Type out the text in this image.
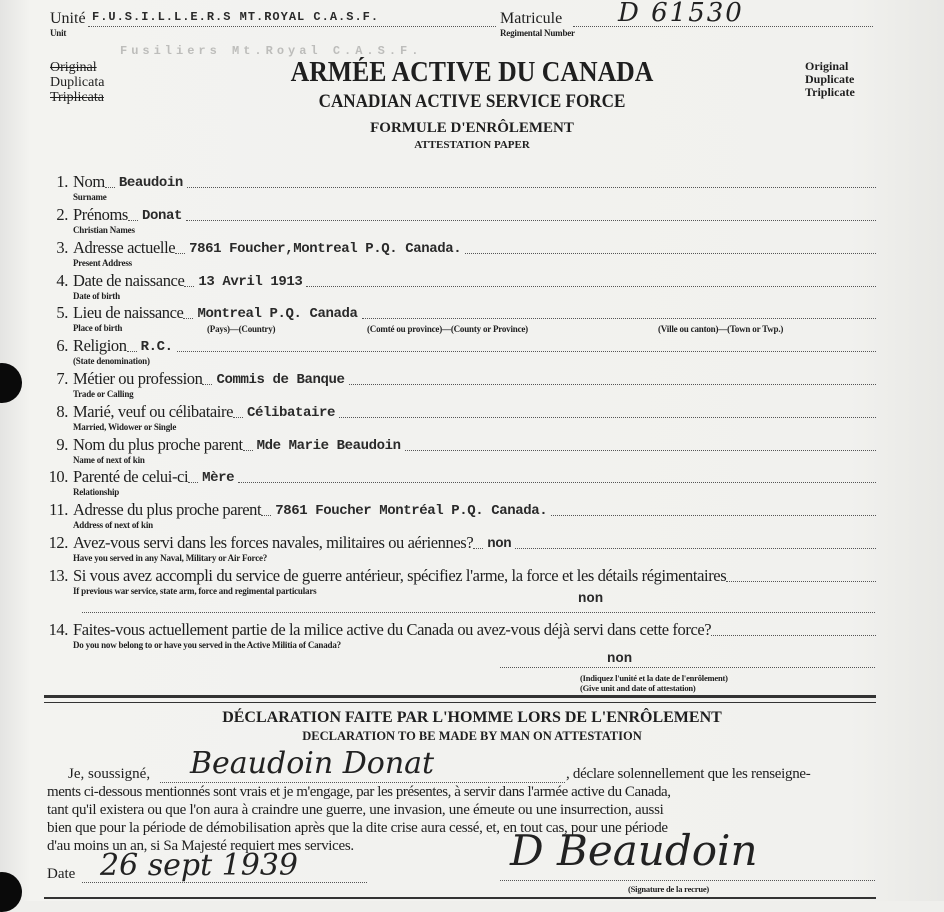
Unité
Unit
F.U.S.I.L.L.E.R.S MT.ROYAL C.A.S.F.
Fusiliers Mt.Royal C.A.S.F.
Matricule
Regimental Number
D 61530
Original
Duplicata
Triplicata
Original
Duplicate
Triplicate
ARMÉE ACTIVE DU CANADA
CANADIAN ACTIVE SERVICE FORCE
FORMULE D'ENRÔLEMENT
ATTESTATION PAPER
1. Nom Beaudoin
Surname
2. Prénoms Donat
Christian Names
3. Adresse actuelle 7861 Foucher,Montreal P.Q. Canada.
Present Address
4. Date de naissance 13 Avril 1913
Date of birth
5. Lieu de naissance Montreal P.Q. Canada
Place of birth
6. Religion R.C.
(State denomination)
7. Métier ou profession Commis de Banque
Trade or Calling
8. Marié, veuf ou célibataire Célibataire
Married, Widower or Single
9. Nom du plus proche parent Mde Marie Beaudoin
Name of next of kin
10. Parenté de celui-ci Mère
Relationship
11. Adresse du plus proche parent 7861 Foucher Montréal P.Q. Canada.
Address of next of kin
12. Avez-vous servi dans les forces navales, militaires ou aériennes? non
Have you served in any Naval, Military or Air Force?
13. Si vous avez accompli du service de guerre antérieur, spécifiez l'arme, la force et les détails régimentaires
If previous war service, state arm, force and regimental particulars
14. Faites-vous actuellement partie de la milice active du Canada ou avez-vous déjà servi dans cette force?
Do you now belong to or have you served in the Active Militia of Canada?
(Pays)—(Country)	(Comté ou province)—(County or Province)	(Ville ou canton)—(Town or Twp.)
non
non
(Indiquez l'unité et la date de l'enrôlement)
(Give unit and date of attestation)
DÉCLARATION FAITE PAR L'HOMME LORS DE L'ENRÔLEMENT
DECLARATION TO BE MADE BY MAN ON ATTESTATION
Je, soussigné, Beaudoin Donat	, déclare solennellement que les renseigne-
ments ci-dessous mentionnés sont vrais et je m'engage, par les présentes, à servir dans l'armée active du Canada,
tant qu'il existera ou que l'on aura à craindre une guerre, une invasion, une émeute ou une insurrection, aussi
bien que pour la période de démobilisation après que la dite crise aura cessé, et, en tout cas, pour une période
d'au moins un an, si Sa Majesté requiert mes services.
Date 26 sept 1939	D Beaudoin
(Signature de la recrue)
